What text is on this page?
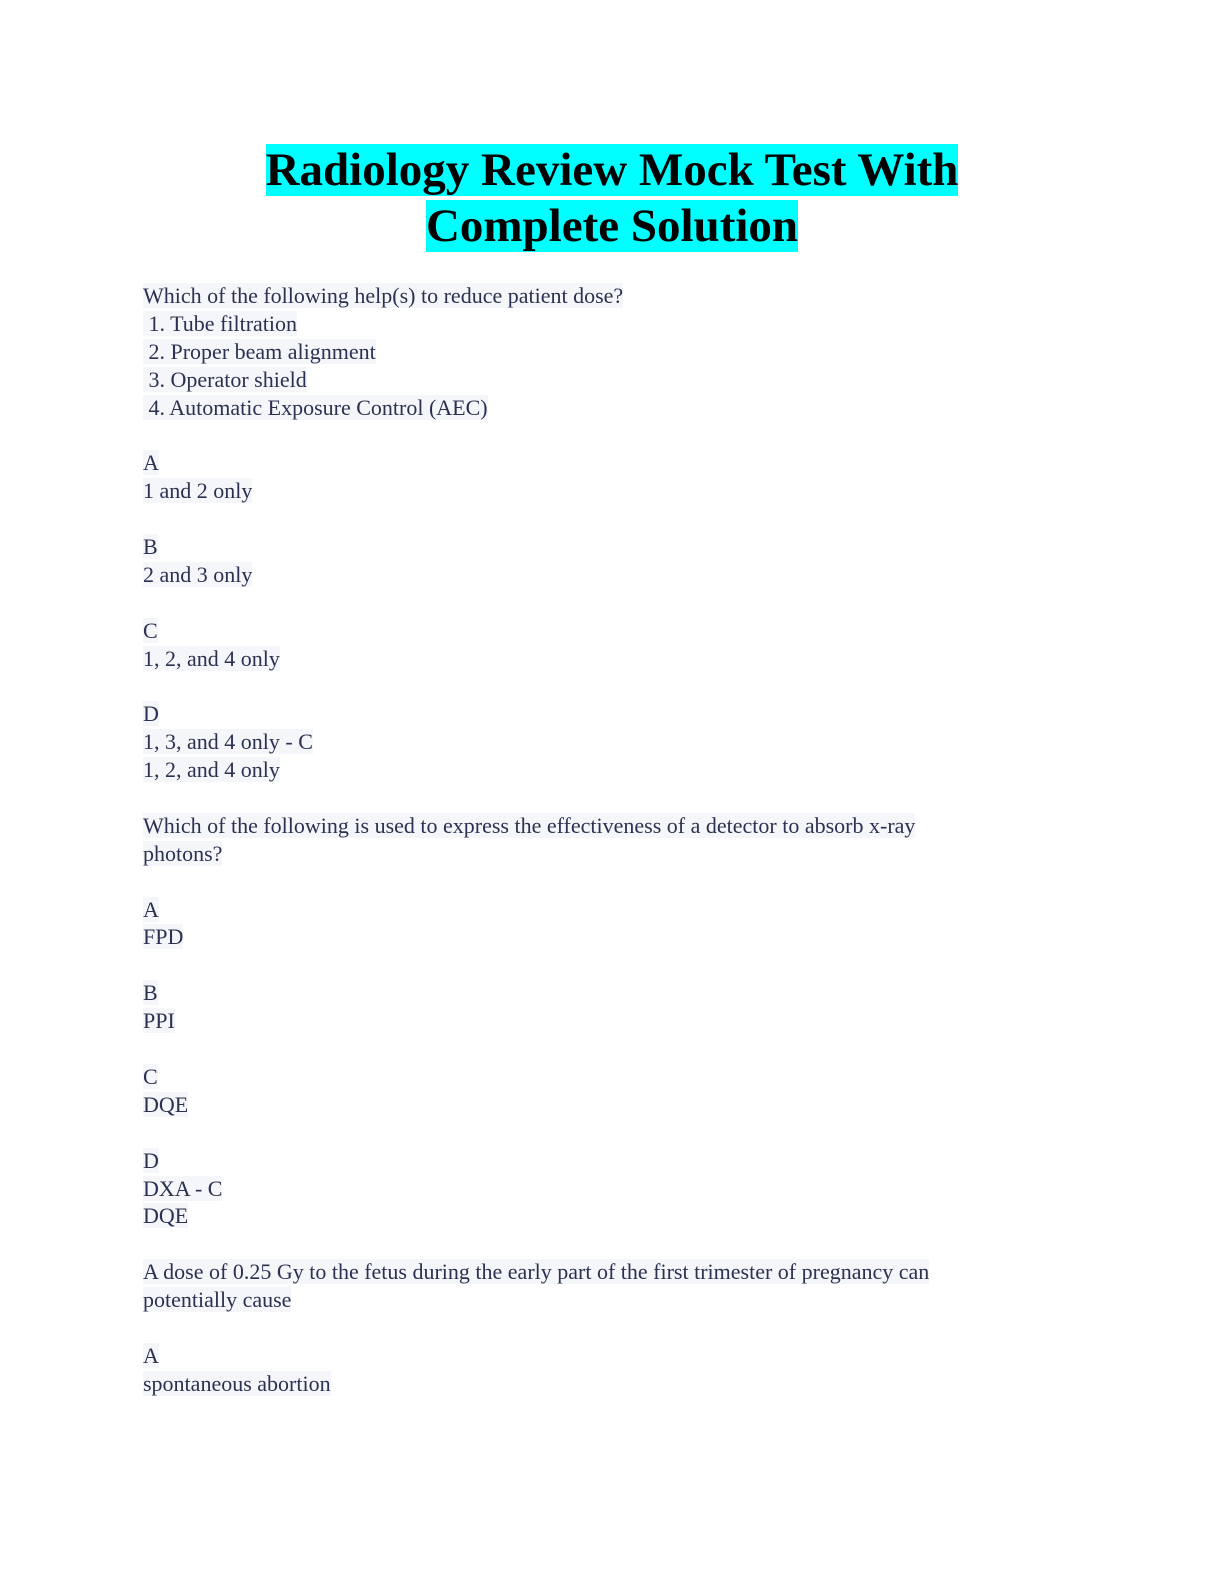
Radiology Review Mock Test With
Complete Solution
Which of the following help(s) to reduce patient dose?
1. Tube filtration
2. Proper beam alignment
3. Operator shield
4. Automatic Exposure Control (AEC)
A
1 and 2 only
B
2 and 3 only
C
1, 2, and 4 only
D
1, 3, and 4 only - C
1, 2, and 4 only
Which of the following is used to express the effectiveness of a detector to absorb x-ray
photons?
A
FPD
B
PPI
C
DQE
D
DXA - C
DQE
A dose of 0.25 Gy to the fetus during the early part of the first trimester of pregnancy can
potentially cause
A
spontaneous abortion
